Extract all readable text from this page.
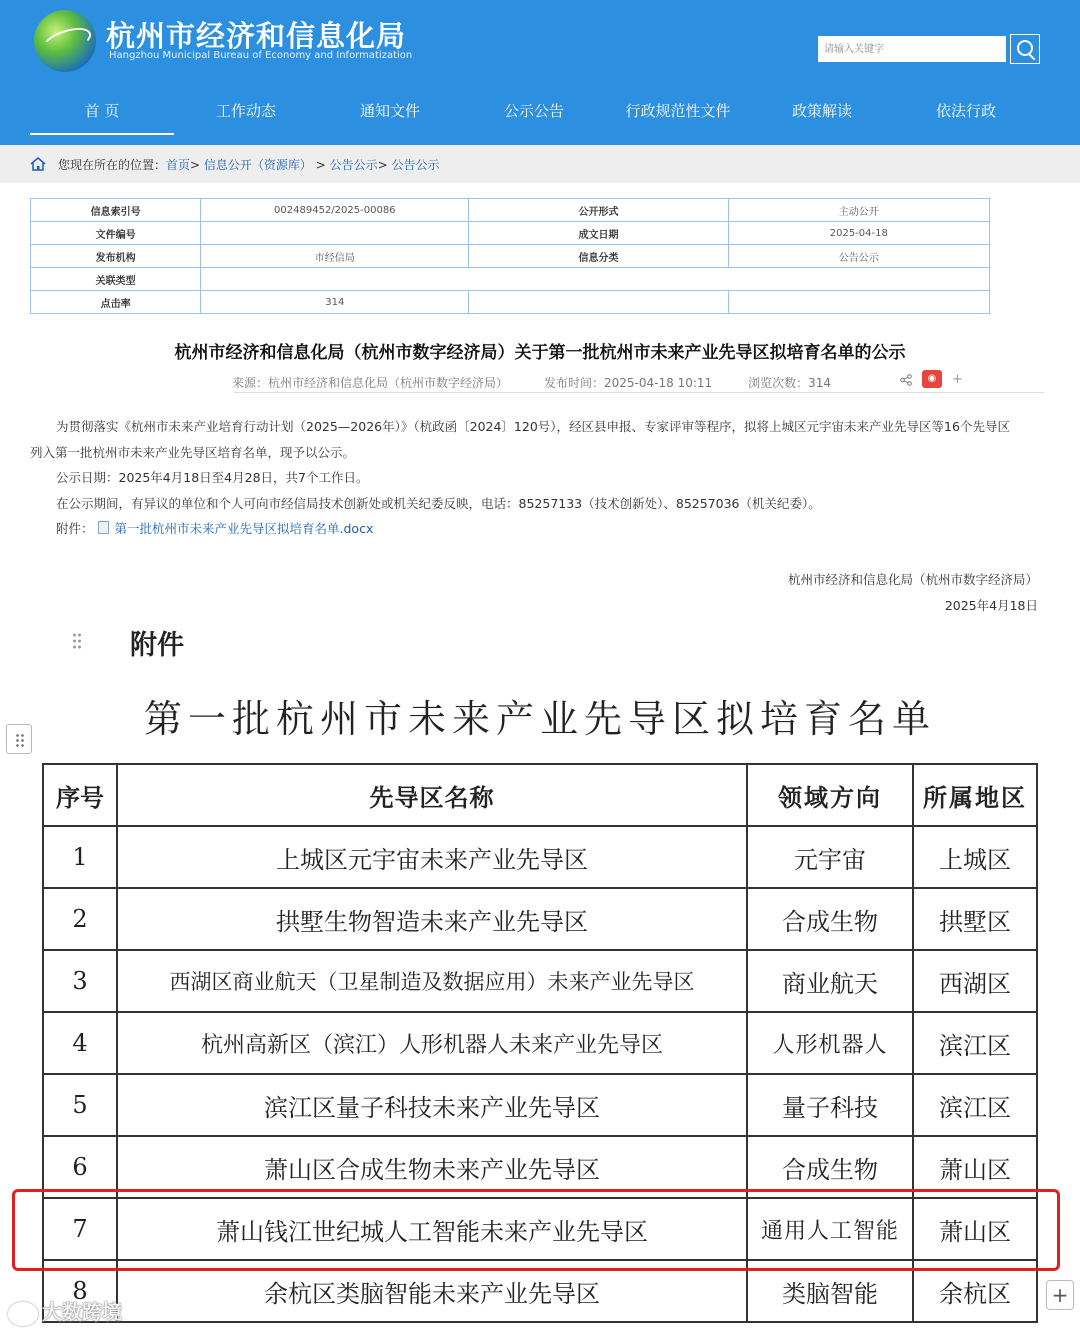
杭州市经济和信息化局
Hangzhou Municipal Bureau of Economy and Informatization
请输入关键字
首 页	工作动态	通知文件	公示公告	行政规范性文件	政策解读	依法行政
您现在所在的位置：首页> 信息公开（资源库） > 公告公示> 公告公示
信息索引号	002489452/2025-00086	公开形式	主动公开
文件编号		成文日期	2025-04-18
发布机构	市经信局	信息分类	公告公示
关联类型			
点击率	314		
杭州市经济和信息化局（杭州市数字经济局）关于第一批杭州市未来产业先导区拟培育名单的公示
来源：杭州市经济和信息化局（杭州市数字经济局）	发布时间：2025-04-18 10:11	浏览次数：314	◉	+
为贯彻落实《杭州市未来产业培育行动计划（2025—2026年）》（杭政函〔2024〕120号），经区县申报、专家评审等程序，拟将上城区元宇宙未来产业先导区等16个先导区
列入第一批杭州市未来产业先导区培育名单，现予以公示。
公示日期：2025年4月18日至4月28日，共7个工作日。
在公示期间，有异议的单位和个人可向市经信局技术创新处或机关纪委反映，电话：85257133（技术创新处）、85257036（机关纪委）。
附件： 第一批杭州市未来产业先导区拟培育名单.docx
杭州市经济和信息化局（杭州市数字经济局）
2025年4月18日
附件
第一批杭州市未来产业先导区拟培育名单
序号	先导区名称	领域方向	所属地区
1	上城区元宇宙未来产业先导区	元宇宙	上城区
2	拱墅生物智造未来产业先导区	合成生物	拱墅区
3	西湖区商业航天（卫星制造及数据应用）未来产业先导区	商业航天	西湖区
4	杭州高新区（滨江）人形机器人未来产业先导区	人形机器人	滨江区
5	滨江区量子科技未来产业先导区	量子科技	滨江区
6	萧山区合成生物未来产业先导区	合成生物	萧山区
7	萧山钱江世纪城人工智能未来产业先导区	通用人工智能	萧山区
8	余杭区类脑智能未来产业先导区	类脑智能	余杭区 +
大数跨境
